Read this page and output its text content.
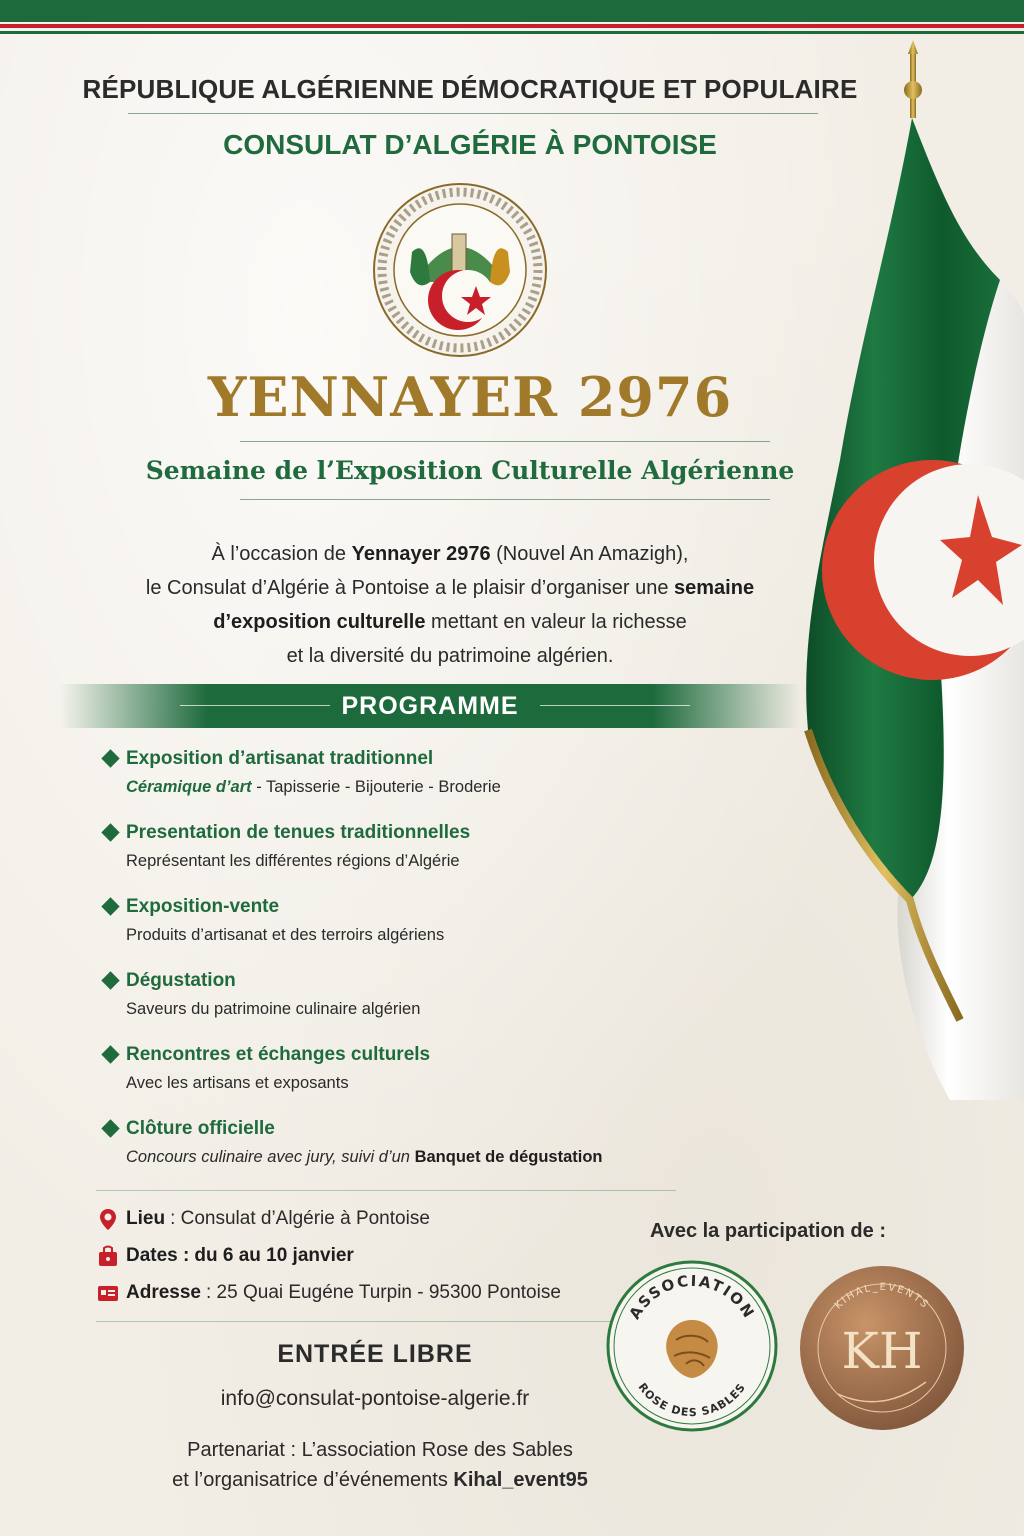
RÉPUBLIQUE ALGÉRIENNE DÉMOCRATIQUE ET POPULAIRE
CONSULAT D’ALGÉRIE À PONTOISE
YENNAYER 2976
Semaine de l’Exposition Culturelle Algérienne
À l’occasion de Yennayer 2976 (Nouvel An Amazigh),
le Consulat d’Algérie à Pontoise a le plaisir d’organiser une semaine
d’exposition culturelle mettant en valeur la richesse
et la diversité du patrimoine algérien.
PROGRAMME
Exposition d’artisanat traditionnel
Céramique d’art - Tapisserie - Bijouterie - Broderie
Presentation de tenues traditionnelles
Représentant les différentes régions d’Algérie
Exposition-vente
Produits d’artisanat et des terroirs algériens
Dégustation
Saveurs du patrimoine culinaire algérien
Rencontres et échanges culturels
Avec les artisans et exposants
Clôture officielle
Concours culinaire avec jury, suivi d’un Banquet de dégustation
Lieu : Consulat d’Algérie à Pontoise
Dates : du 6 au 10 janvier
Adresse : 25 Quai Eugéne Turpin - 95300 Pontoise
ENTRÉE LIBRE
info@consulat-pontoise-algerie.fr
Partenariat : L’association Rose des Sables
et l’organisatrice d’événements Kihal_event95
Avec la participation de :
ASSOCIATION
ROSE DES SABLES
KIHAL_EVENTS
KH
